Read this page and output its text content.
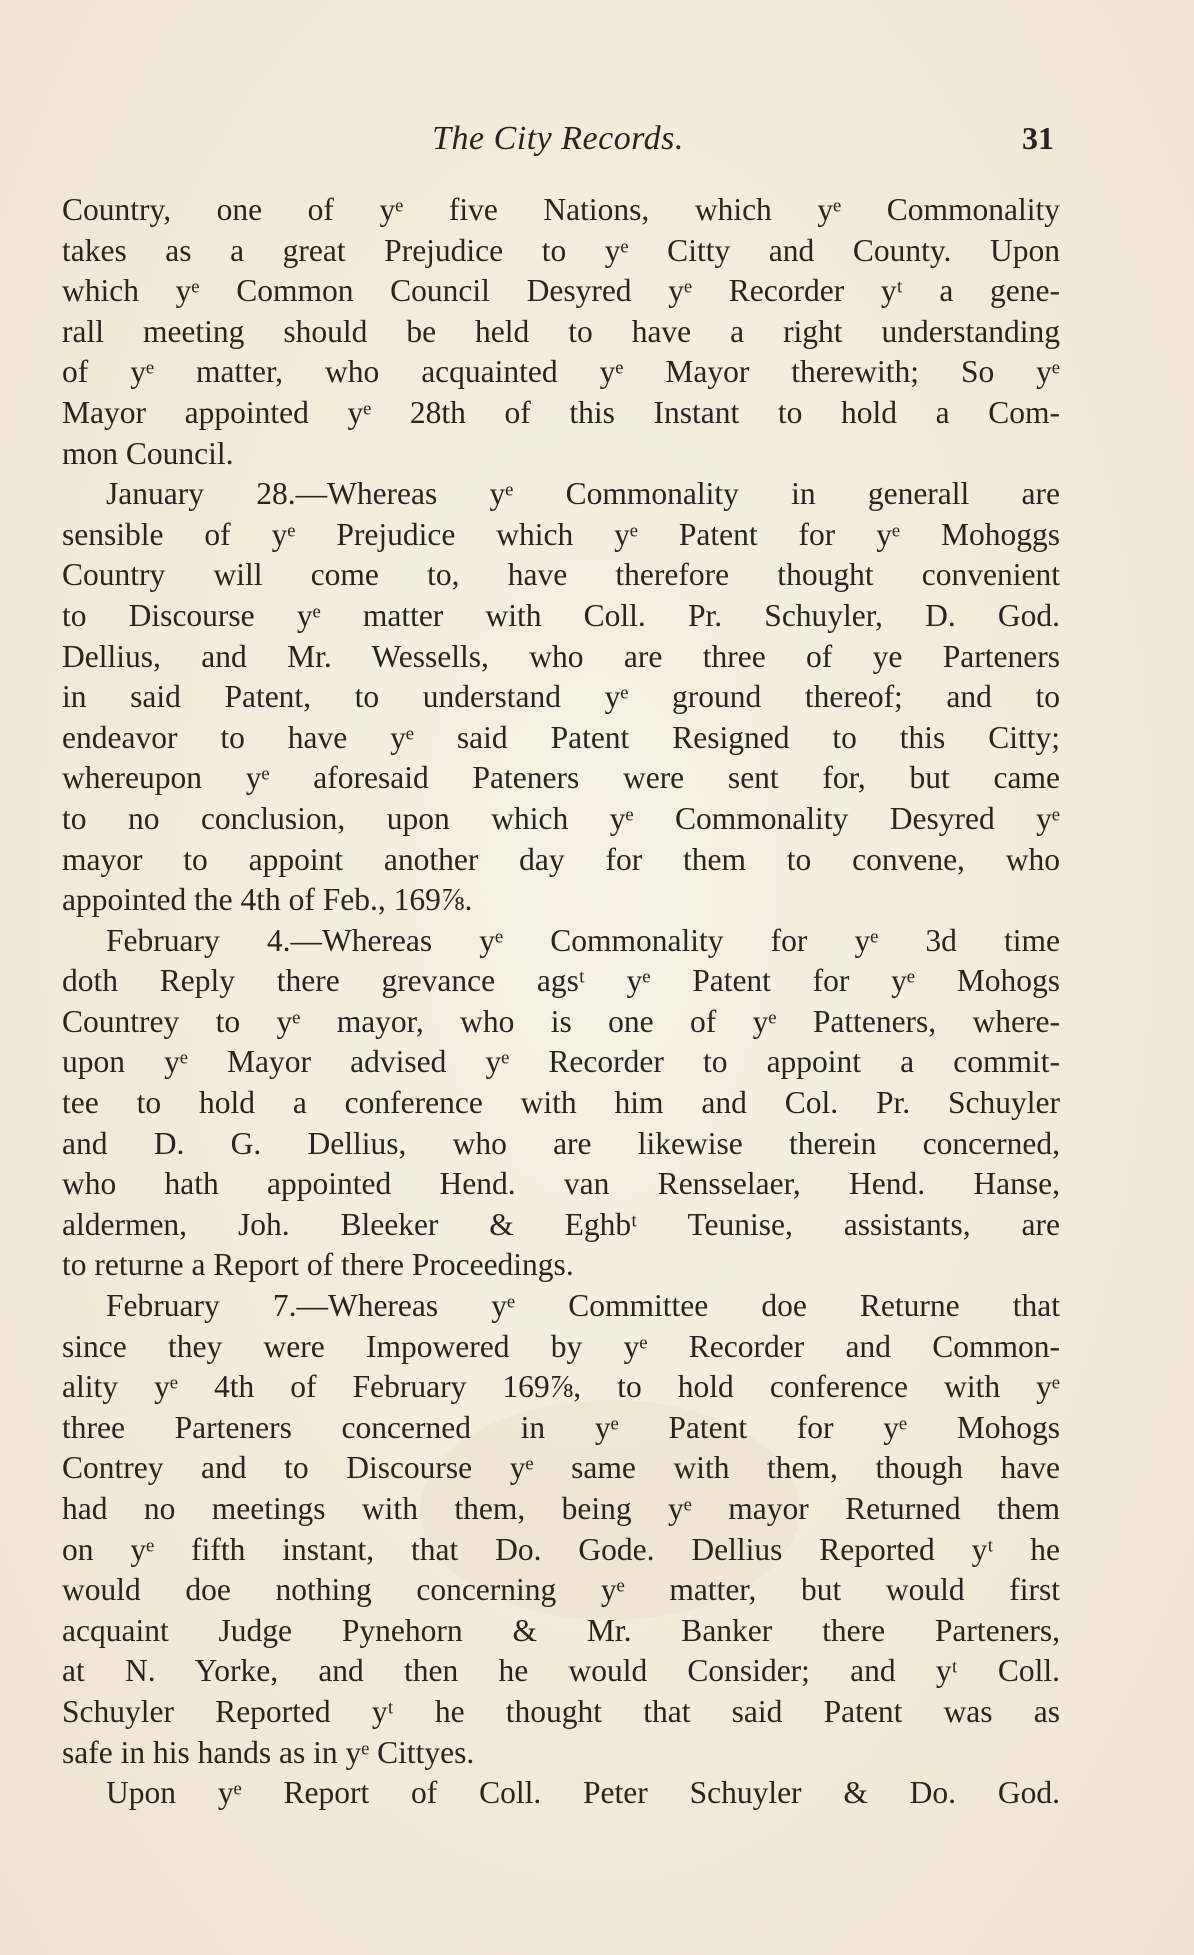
The City Records.	31
Country, one of yᵉ five Nations, which yᵉ Commonality
takes as a great Prejudice to yᵉ Citty and County. Upon
which yᵉ Common Council Desyred yᵉ Recorder yᵗ a gene-
rall meeting should be held to have a right understanding
of yᵉ matter, who acquainted yᵉ Mayor therewith; So yᵉ
Mayor appointed yᵉ 28th of this Instant to hold a Com-
mon Council.
January 28.—Whereas yᵉ Commonality in generall are
sensible of yᵉ Prejudice which yᵉ Patent for yᵉ Mohoggs
Country will come to, have therefore thought convenient
to Discourse yᵉ matter with Coll. Pr. Schuyler, D. God.
Dellius, and Mr. Wessells, who are three of ye Parteners
in said Patent, to understand yᵉ ground thereof; and to
endeavor to have yᵉ said Patent Resigned to this Citty;
whereupon yᵉ aforesaid Pateners were sent for, but came
to no conclusion, upon which yᵉ Commonality Desyred yᵉ
mayor to appoint another day for them to convene, who
appointed the 4th of Feb., 169⅞.
February 4.—Whereas yᵉ Commonality for yᵉ 3d time
doth Reply there grevance agsᵗ yᵉ Patent for yᵉ Mohogs
Countrey to yᵉ mayor, who is one of yᵉ Patteners, where-
upon yᵉ Mayor advised yᵉ Recorder to appoint a commit-
tee to hold a conference with him and Col. Pr. Schuyler
and D. G. Dellius, who are likewise therein concerned,
who hath appointed Hend. van Rensselaer, Hend. Hanse,
aldermen, Joh. Bleeker & Eghbᵗ Teunise, assistants, are
to returne a Report of there Proceedings.
February 7.—Whereas yᵉ Committee doe Returne that
since they were Impowered by yᵉ Recorder and Common-
ality yᵉ 4th of February 169⅞, to hold conference with yᵉ
three Parteners concerned in yᵉ Patent for yᵉ Mohogs
Contrey and to Discourse yᵉ same with them, though have
had no meetings with them, being yᵉ mayor Returned them
on yᵉ fifth instant, that Do. Gode. Dellius Reported yᵗ he
would doe nothing concerning yᵉ matter, but would first
acquaint Judge Pynehorn & Mr. Banker there Parteners,
at N. Yorke, and then he would Consider; and yᵗ Coll.
Schuyler Reported yᵗ he thought that said Patent was as
safe in his hands as in yᵉ Cittyes.
Upon yᵉ Report of Coll. Peter Schuyler & Do. God.
